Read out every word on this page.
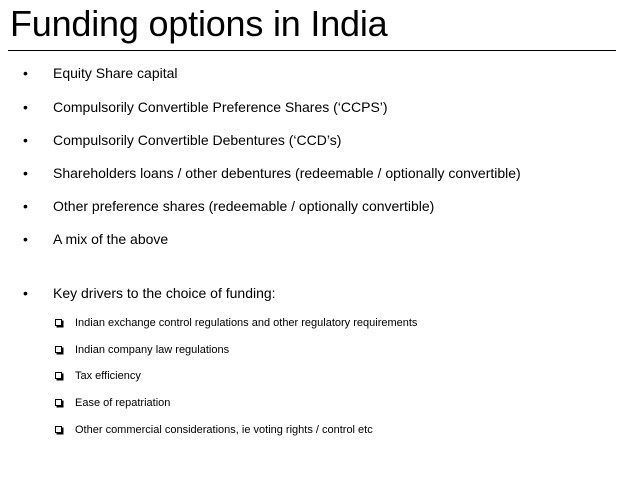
Funding options in India
• Equity Share capital
• Compulsorily Convertible Preference Shares (‘CCPS’)
• Compulsorily Convertible Debentures (‘CCD’s)
• Shareholders loans / other debentures (redeemable / optionally convertible)
• Other preference shares (redeemable / optionally convertible)
• A mix of the above
• Key drivers to the choice of funding:
Indian exchange control regulations and other regulatory requirements
Indian company law regulations
Tax efficiency
Ease of repatriation
Other commercial considerations, ie voting rights / control etc
